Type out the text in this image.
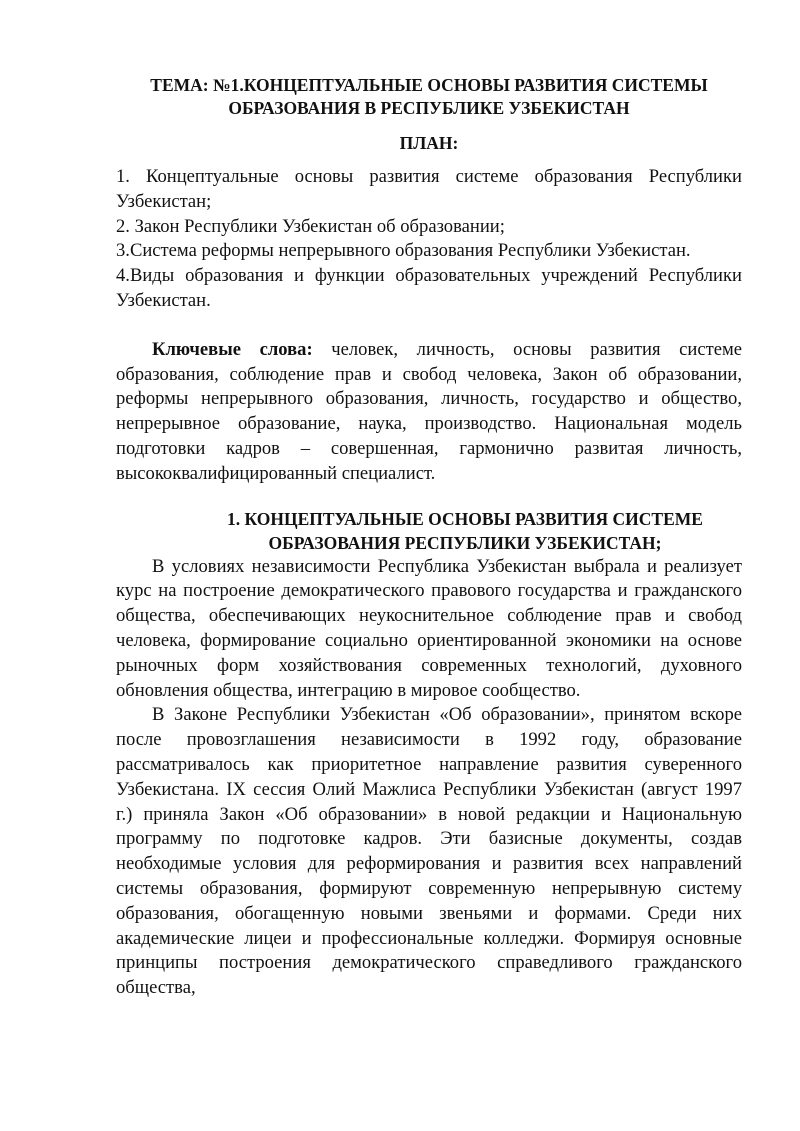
ТЕМА: №1.КОНЦЕПТУАЛЬНЫЕ ОСНОВЫ РАЗВИТИЯ СИСТЕМЫ
ОБРАЗОВАНИЯ В РЕСПУБЛИКЕ УЗБЕКИСТАН

ПЛАН:

1. Концептуальные основы развития системе образования Республики Узбекистан;
2. Закон Республики Узбекистан об образовании;
3.Система реформы непрерывного образования Республики Узбекистан.
4.Виды образования и функции образовательных учреждений Республики Узбекистан.

Ключевые слова: человек, личность, основы развития системе образования, соблюдение прав и свобод человека, Закон об образовании, реформы непрерывного образования, личность, государство и общество, непрерывное образование, наука, производство. Национальная модель подготовки кадров – совершенная, гармонично развитая личность, высококвалифицированный специалист.

1. КОНЦЕПТУАЛЬНЫЕ ОСНОВЫ РАЗВИТИЯ СИСТЕМЕ
ОБРАЗОВАНИЯ РЕСПУБЛИКИ УЗБЕКИСТАН;

В условиях независимости Республика Узбекистан выбрала и реализует курс на построение демократического правового государства и гражданского общества, обеспечивающих неукоснительное соблюдение прав и свобод человека, формирование социально ориентированной экономики на основе рыночных форм хозяйствования современных технологий, духовного обновления общества, интеграцию в мировое сообщество.

В Законе Республики Узбекистан «Об образовании», принятом вскоре после провозглашения независимости в 1992 году, образование рассматривалось как приоритетное направление развития суверенного Узбекистана. IX сессия Олий Мажлиса Республики Узбекистан (август 1997 г.) приняла Закон «Об образовании» в новой редакции и Национальную программу по подготовке кадров. Эти базисные документы, создав необходимые условия для реформирования и развития всех направлений системы образования, формируют современную непрерывную систему образования, обогащенную новыми звеньями и формами. Среди них академические лицеи и профессиональные колледжи. Формируя основные принципы построения демократического справедливого гражданского общества,
